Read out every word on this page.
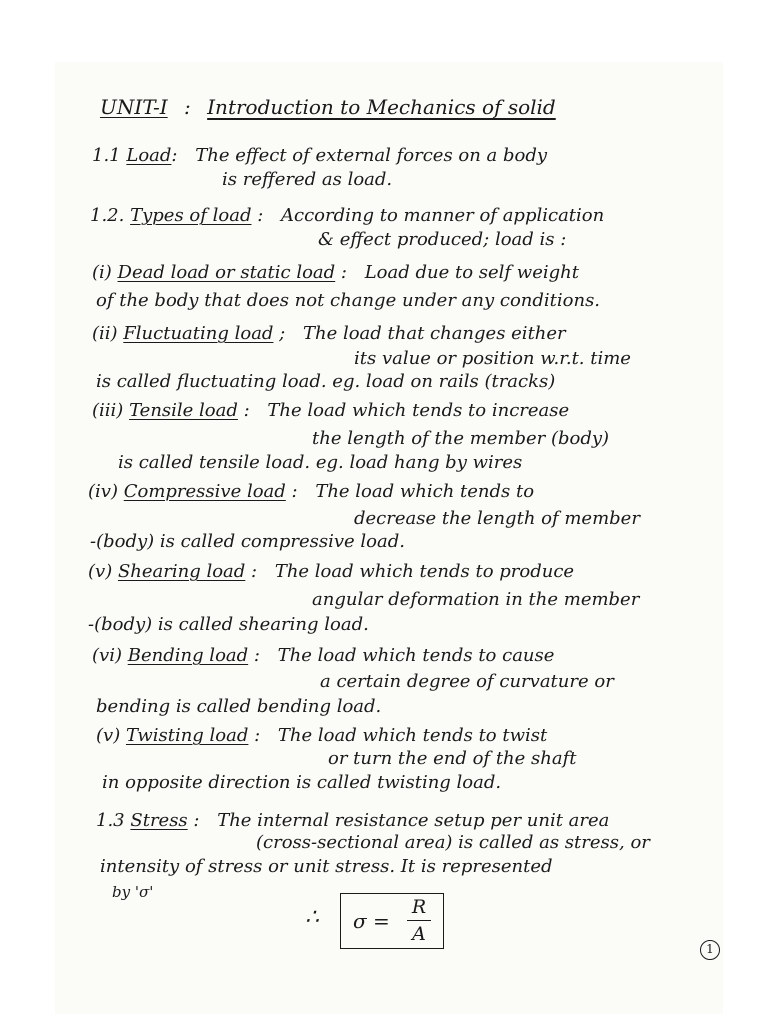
UNIT-I : Introduction to Mechanics of solid
1.1 Load: The effect of external forces on a body
is reffered as load.
1.2. Types of load : According to manner of application
& effect produced; load is :
(i) Dead load or static load : Load due to self weight
of the body that does not change under any conditions.
(ii) Fluctuating load ; The load that changes either
its value or position w.r.t. time
is called fluctuating load. eg. load on rails (tracks)
(iii) Tensile load : The load which tends to increase
the length of the member (body)
is called tensile load. eg. load hang by wires
(iv) Compressive load : The load which tends to
decrease the length of member
-(body) is called compressive load.
(v) Shearing load : The load which tends to produce
angular deformation in the member
-(body) is called shearing load.
(vi) Bending load : The load which tends to cause
a certain degree of curvature or
bending is called bending load.
(v) Twisting load : The load which tends to twist
or turn the end of the shaft
in opposite direction is called twisting load.
1.3 Stress : The internal resistance setup per unit area
(cross-sectional area) is called as stress, or
intensity of stress or unit stress. It is represented
by 'σ'
∴ σ =
R
A
1
